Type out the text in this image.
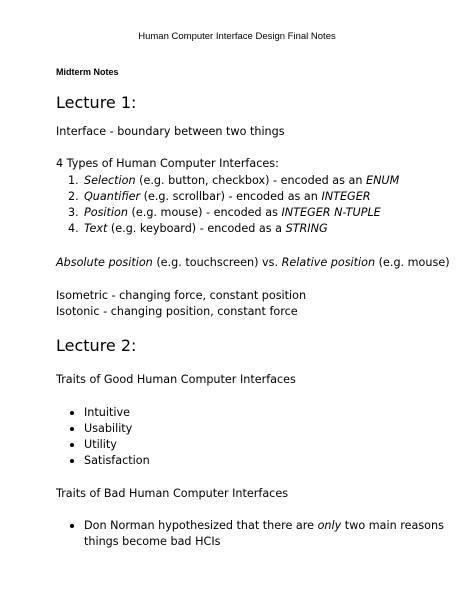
Human Computer Interface Design Final Notes
Midterm Notes
Lecture 1:
Interface - boundary between two things
4 Types of Human Computer Interfaces:
1. Selection (e.g. button, checkbox) - encoded as an ENUM
2. Quantifier (e.g. scrollbar) - encoded as an INTEGER
3. Position (e.g. mouse) - encoded as INTEGER N-TUPLE
4. Text (e.g. keyboard) - encoded as a STRING
Absolute position (e.g. touchscreen) vs. Relative position (e.g. mouse)
Isometric - changing force, constant position
Isotonic - changing position, constant force
Lecture 2:
Traits of Good Human Computer Interfaces
Intuitive
Usability
Utility
Satisfaction
Traits of Bad Human Computer Interfaces
Don Norman hypothesized that there are only two main reasons
things become bad HCIs
